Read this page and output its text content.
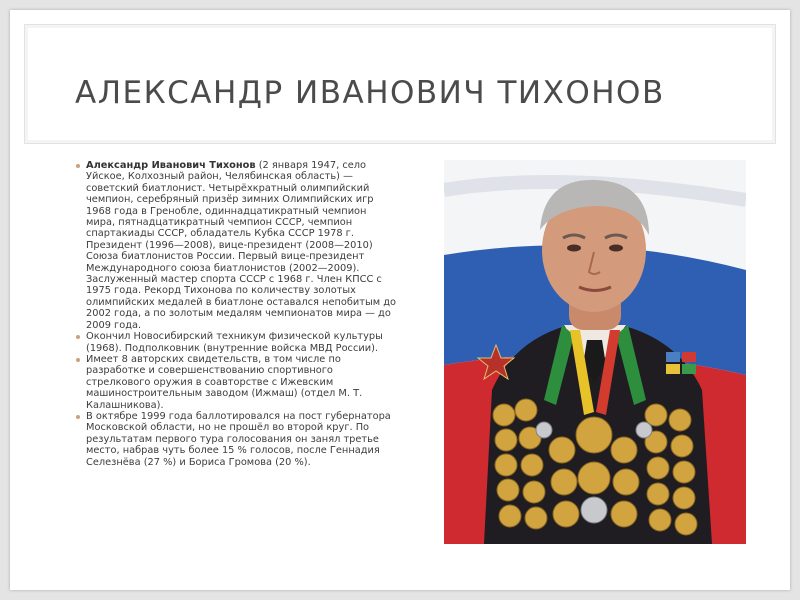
АЛЕКСАНДР ИВАНОВИЧ ТИХОНОВ
Александр Иванович Тихонов (2 января 1947, село Уйское, Колхозный район, Челябинская область) — советский биатлонист. Четырёхкратный олимпийский чемпион, серебряный призёр зимних Олимпийских игр 1968 года в Гренобле, одиннадцатикратный чемпион мира, пятнадцатикратный чемпион СССР, чемпион спартакиады СССР, обладатель Кубка СССР 1978 г. Президент (1996—2008), вице-президент (2008—2010) Союза биатлонистов России. Первый вице-президент Международного союза биатлонистов (2002—2009). Заслуженный мастер спорта СССР с 1968 г. Член КПСС с 1975 года. Рекорд Тихонова по количеству золотых олимпийских медалей в биатлоне оставался непобитым до 2002 года, а по золотым медалям чемпионатов мира — до 2009 года.
Окончил Новосибирский техникум физической культуры (1968). Подполковник (внутренние войска МВД России).
Имеет 8 авторских свидетельств, в том числе по разработке и совершенствованию спортивного стрелкового оружия в соавторстве с Ижевским машиностроительным заводом (Ижмаш) (отдел М. Т. Калашникова).
В октябре 1999 года баллотировался на пост губернатора Московской области, но не прошёл во второй круг. По результатам первого тура голосования он занял третье место, набрав чуть более 15 % голосов, после Геннадия Селезнёва (27 %) и Бориса Громова (20 %).
